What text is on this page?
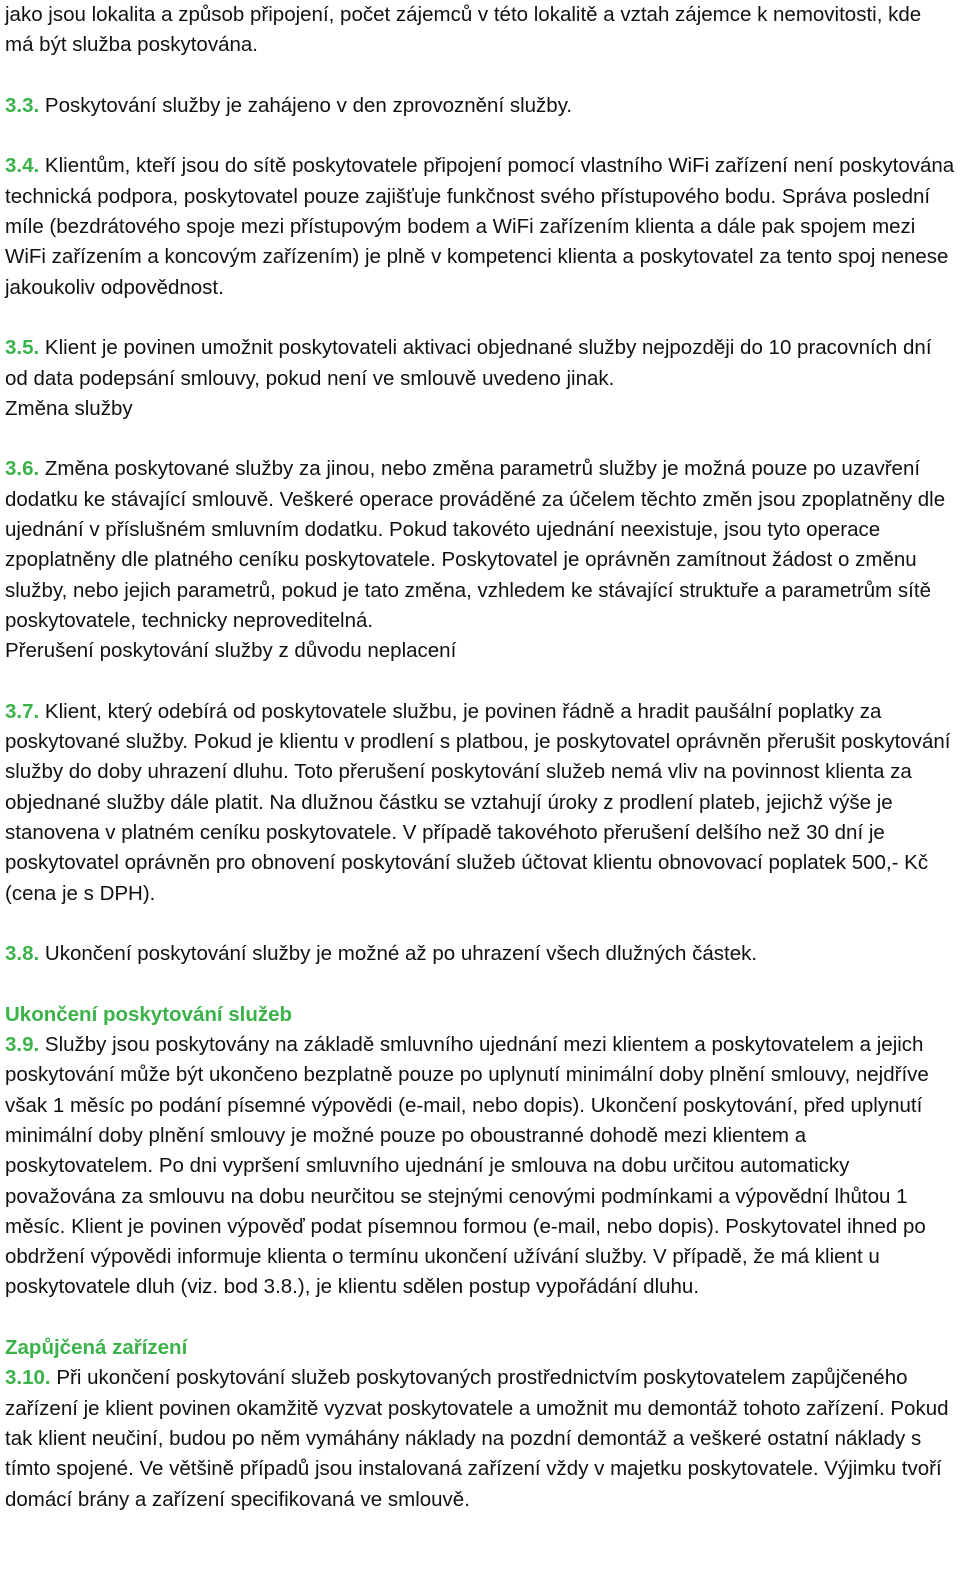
jako jsou lokalita a způsob připojení, počet zájemců v této lokalitě a vztah zájemce k nemovitosti, kde má být služba poskytována.

3.3. Poskytování služby je zahájeno v den zprovoznění služby.

3.4. Klientům, kteří jsou do sítě poskytovatele připojení pomocí vlastního WiFi zařízení není poskytována technická podpora, poskytovatel pouze zajišťuje funkčnost svého přístupového bodu. Správa poslední míle (bezdrátového spoje mezi přístupovým bodem a WiFi zařízením klienta a dále pak spojem mezi WiFi zařízením a koncovým zařízením) je plně v kompetenci klienta a poskytovatel za tento spoj nenese jakoukoliv odpovědnost.

3.5. Klient je povinen umožnit poskytovateli aktivaci objednané služby nejpozději do 10 pracovních dní od data podepsání smlouvy, pokud není ve smlouvě uvedeno jinak.
Změna služby

3.6. Změna poskytované služby za jinou, nebo změna parametrů služby je možná pouze po uzavření dodatku ke stávající smlouvě. Veškeré operace prováděné za účelem těchto změn jsou zpoplatněny dle ujednání v příslušném smluvním dodatku. Pokud takovéto ujednání neexistuje, jsou tyto operace zpoplatněny dle platného ceníku poskytovatele. Poskytovatel je oprávněn zamítnout žádost o změnu služby, nebo jejich parametrů, pokud je tato změna, vzhledem ke stávající struktuře a parametrům sítě poskytovatele, technicky neproveditelná.
Přerušení poskytování služby z důvodu neplacení

3.7. Klient, který odebírá od poskytovatele službu, je povinen řádně a hradit paušální poplatky za poskytované služby. Pokud je klientu v prodlení s platbou, je poskytovatel oprávněn přerušit poskytování služby do doby uhrazení dluhu. Toto přerušení poskytování služeb nemá vliv na povinnost klienta za objednané služby dále platit. Na dlužnou částku se vztahují úroky z prodlení plateb, jejichž výše je stanovena v platném ceníku poskytovatele. V případě takovéhoto přerušení delšího než 30 dní je poskytovatel oprávněn pro obnovení poskytování služeb účtovat klientu obnovovací poplatek 500,- Kč (cena je s DPH).

3.8. Ukončení poskytování služby je možné až po uhrazení všech dlužných částek.

Ukončení poskytování služeb
3.9. Služby jsou poskytovány na základě smluvního ujednání mezi klientem a poskytovatelem a jejich poskytování může být ukončeno bezplatně pouze po uplynutí minimální doby plnění smlouvy, nejdříve však 1 měsíc po podání písemné výpovědi (e-mail, nebo dopis). Ukončení poskytování, před uplynutí minimální doby plnění smlouvy je možné pouze po oboustranné dohodě mezi klientem a poskytovatelem. Po dni vypršení smluvního ujednání je smlouva na dobu určitou automaticky považována za smlouvu na dobu neurčitou se stejnými cenovými podmínkami a výpovědní lhůtou 1 měsíc. Klient je povinen výpověď podat písemnou formou (e-mail, nebo dopis). Poskytovatel ihned po obdržení výpovědi informuje klienta o termínu ukončení užívání služby. V případě, že má klient u poskytovatele dluh (viz. bod 3.8.), je klientu sdělen postup vypořádání dluhu.

Zapůjčená zařízení
3.10. Při ukončení poskytování služeb poskytovaných prostřednictvím poskytovatelem zapůjčeného zařízení je klient povinen okamžitě vyzvat poskytovatele a umožnit mu demontáž tohoto zařízení. Pokud tak klient neučiní, budou po něm vymáhány náklady na pozdní demontáž a veškeré ostatní náklady s tímto spojené. Ve většině případů jsou instalovaná zařízení vždy v majetku poskytovatele. Výjimku tvoří domácí brány a zařízení specifikovaná ve smlouvě.
